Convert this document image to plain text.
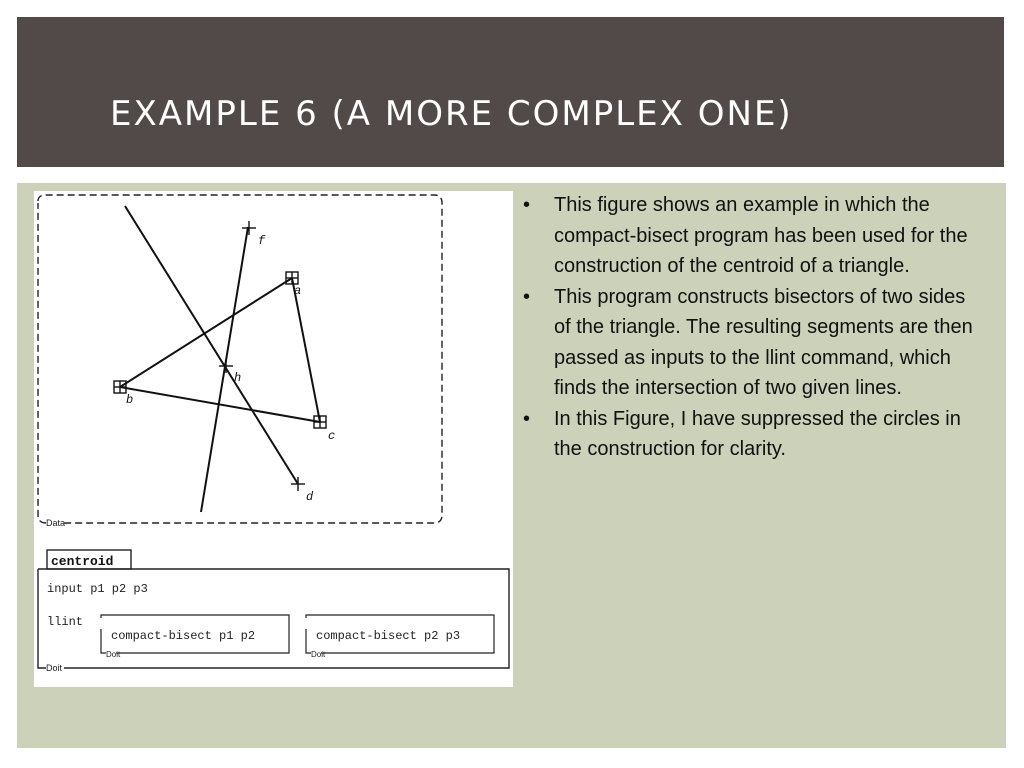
EXAMPLE 6 (A MORE COMPLEX ONE)
Data
f
a
h
b
c
d
centroid
Doit
input p1 p2 p3
llint
compact-bisect p1 p2
Doit
compact-bisect p2 p3
Doit
• This figure shows an example in which the compact-bisect program has been used for the construction of the centroid of a triangle.
• This program constructs bisectors of two sides of the triangle. The resulting segments are then passed as inputs to the llint command, which finds the intersection of two given lines.
• In this Figure, I have suppressed the circles in the construction for clarity.
